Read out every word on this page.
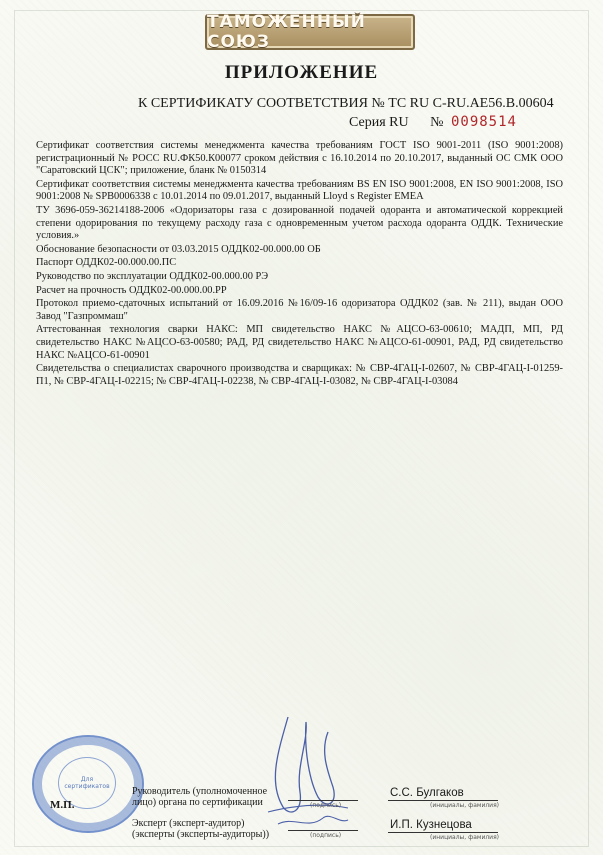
ТАМОЖЕННЫЙ СОЮЗ
ПРИЛОЖЕНИЕ
К СЕРТИФИКАТУ СООТВЕТСТВИЯ № ТС RU С-RU.АЕ56.В.00604
Серия RU № 0098514

Сертификат соответствия системы менеджмента качества требованиям ГОСТ ISO 9001-2011 (ISO 9001:2008) регистрационный № РОСС RU.ФК50.К00077 сроком действия с 16.10.2014 по 20.10.2017, выданный ОС СМК ООО "Саратовский ЦСК"; приложение, бланк № 0150314

Сертификат соответствия системы менеджмента качества требованиям BS EN ISO 9001:2008, EN ISO 9001:2008, ISO 9001:2008 № SPB0006338 с 10.01.2014 по 09.01.2017, выданный Lloyd s Register EMEA

ТУ 3696-059-36214188-2006 «Одоризаторы газа с дозированной подачей одоранта и автоматической коррекцией степени одорирования по текущему расходу газа с одновременным учетом расхода одоранта ОДДК. Технические условия.»

Обоснование безопасности от 03.03.2015 ОДДК02-00.000.00 ОБ

Паспорт ОДДК02-00.000.00.ПС

Руководство по эксплуатации ОДДК02-00.000.00 РЭ

Расчет на прочность ОДДК02-00.000.00.РР

Протокол приемо-сдаточных испытаний от 16.09.2016 №16/09-16 одоризатора ОДДК02 (зав. № 211), выдан ООО Завод "Газпроммаш"

Аттестованная технология сварки НАКС: МП свидетельство НАКС №АЦСО-63-00610; МАДП, МП, РД свидетельство НАКС №АЦСО-63-00580; РАД, РД свидетельство НАКС №АЦСО-61-00901, РАД, РД свидетельство НАКС №АЦСО-61-00901

Свидетельства о специалистах сварочного производства и сварщиках: № СВР-4ГАЦ-I-02607, № СВР-4ГАЦ-I-01259-П1, № СВР-4ГАЦ-I-02215; № СВР-4ГАЦ-I-02238, № СВР-4ГАЦ-I-03082, № СВР-4ГАЦ-I-03084

Для сертификатов
М.П.
Руководитель (уполномоченное лицо) органа по сертификации	(подпись)
С.С. Булгаков
(инициалы, фамилия)
Эксперт (эксперт-аудитор) (эксперты (эксперты-аудиторы))	(подпись)
И.П. Кузнецова
(инициалы, фамилия)
